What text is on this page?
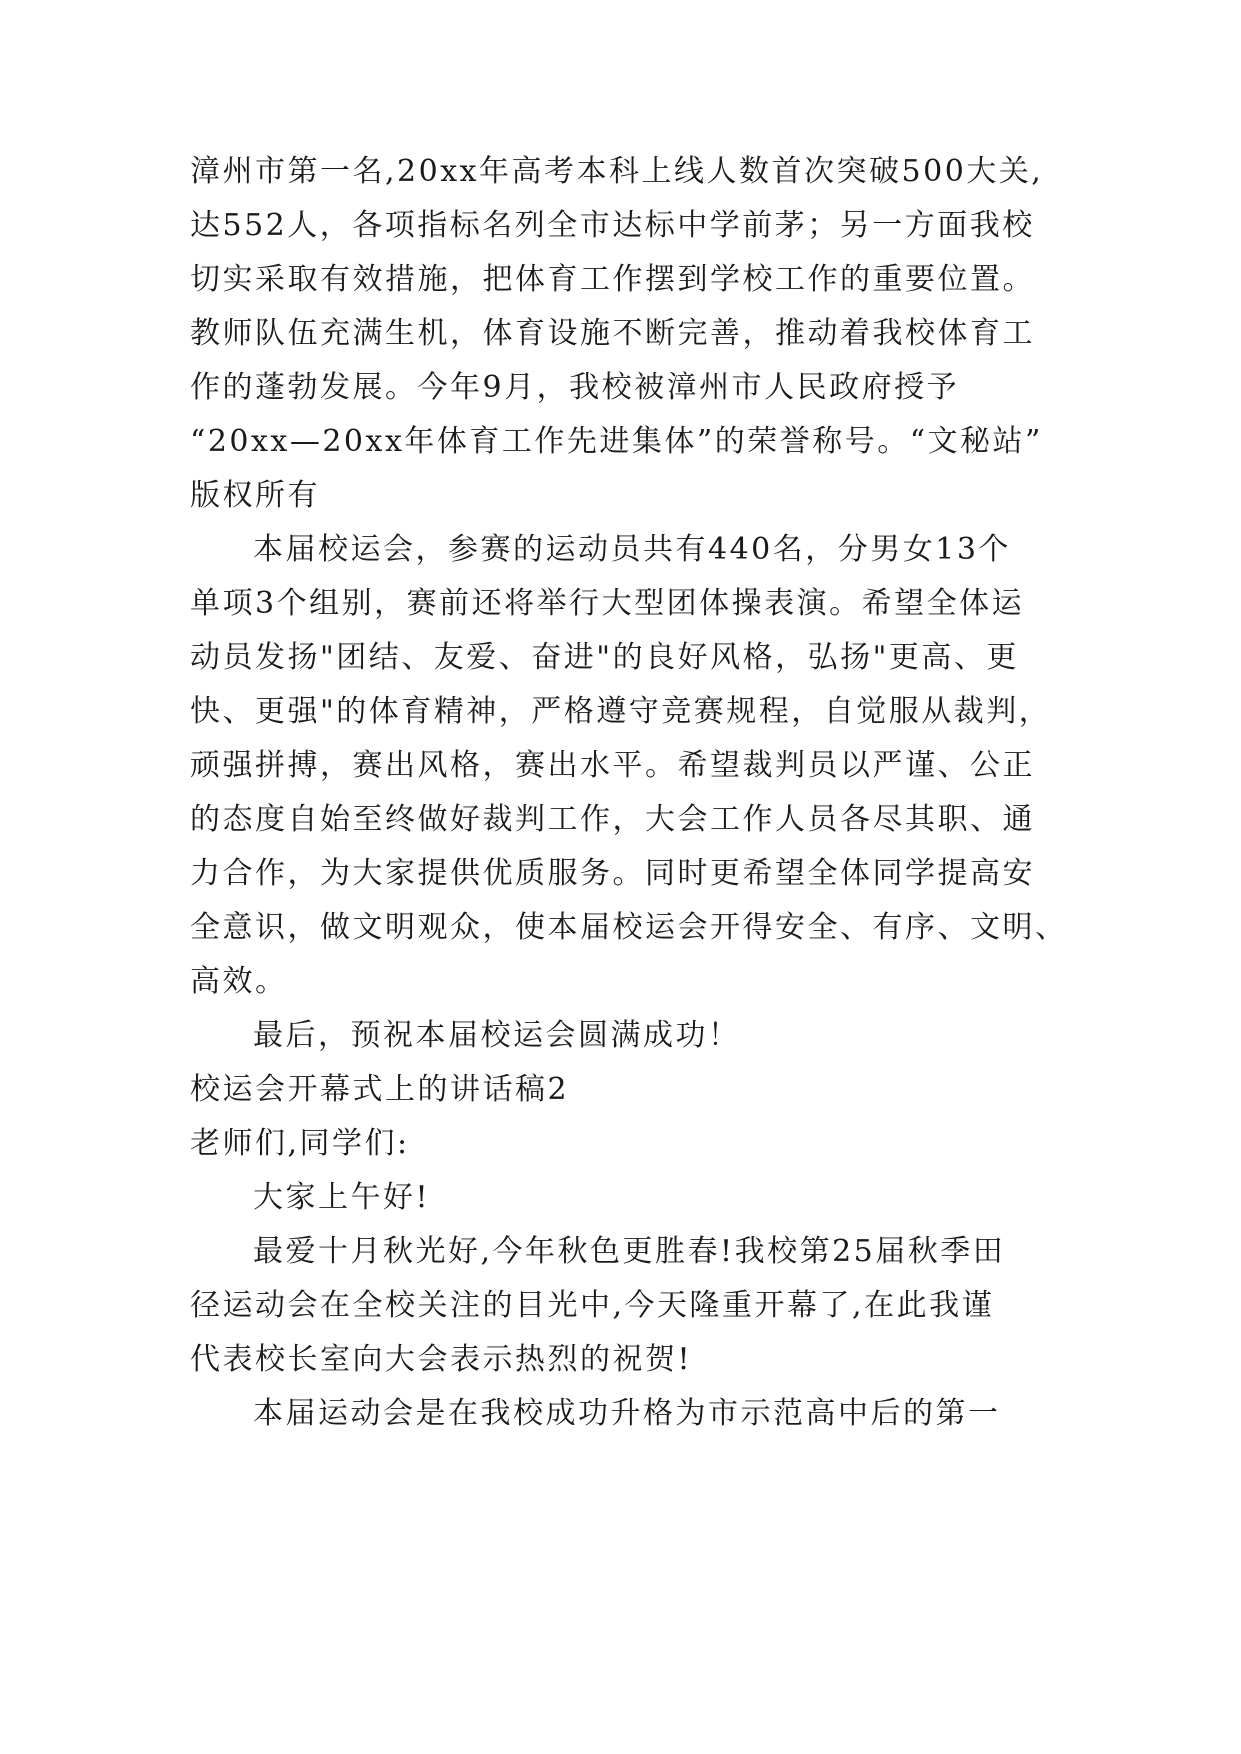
漳州市第一名,20xx年高考本科上线人数首次突破500大关,
达552人，各项指标名列全市达标中学前茅；另一方面我校
切实采取有效措施，把体育工作摆到学校工作的重要位置。
教师队伍充满生机，体育设施不断完善，推动着我校体育工
作的蓬勃发展。今年9月，我校被漳州市人民政府授予
“20xx—20xx年体育工作先进集体”的荣誉称号。“文秘站”
版权所有
本届校运会，参赛的运动员共有440名，分男女13个
单项3个组别，赛前还将举行大型团体操表演。希望全体运
动员发扬"团结、友爱、奋进"的良好风格，弘扬"更高、更
快、更强"的体育精神，严格遵守竞赛规程，自觉服从裁判，
顽强拼搏，赛出风格，赛出水平。希望裁判员以严谨、公正
的态度自始至终做好裁判工作，大会工作人员各尽其职、通
力合作，为大家提供优质服务。同时更希望全体同学提高安
全意识，做文明观众，使本届校运会开得安全、有序、文明、
高效。
最后，预祝本届校运会圆满成功！
校运会开幕式上的讲话稿2
老师们,同学们:
大家上午好!
最爱十月秋光好,今年秋色更胜春!我校第25届秋季田
径运动会在全校关注的目光中,今天隆重开幕了,在此我谨
代表校长室向大会表示热烈的祝贺!
本届运动会是在我校成功升格为市示范高中后的第一
